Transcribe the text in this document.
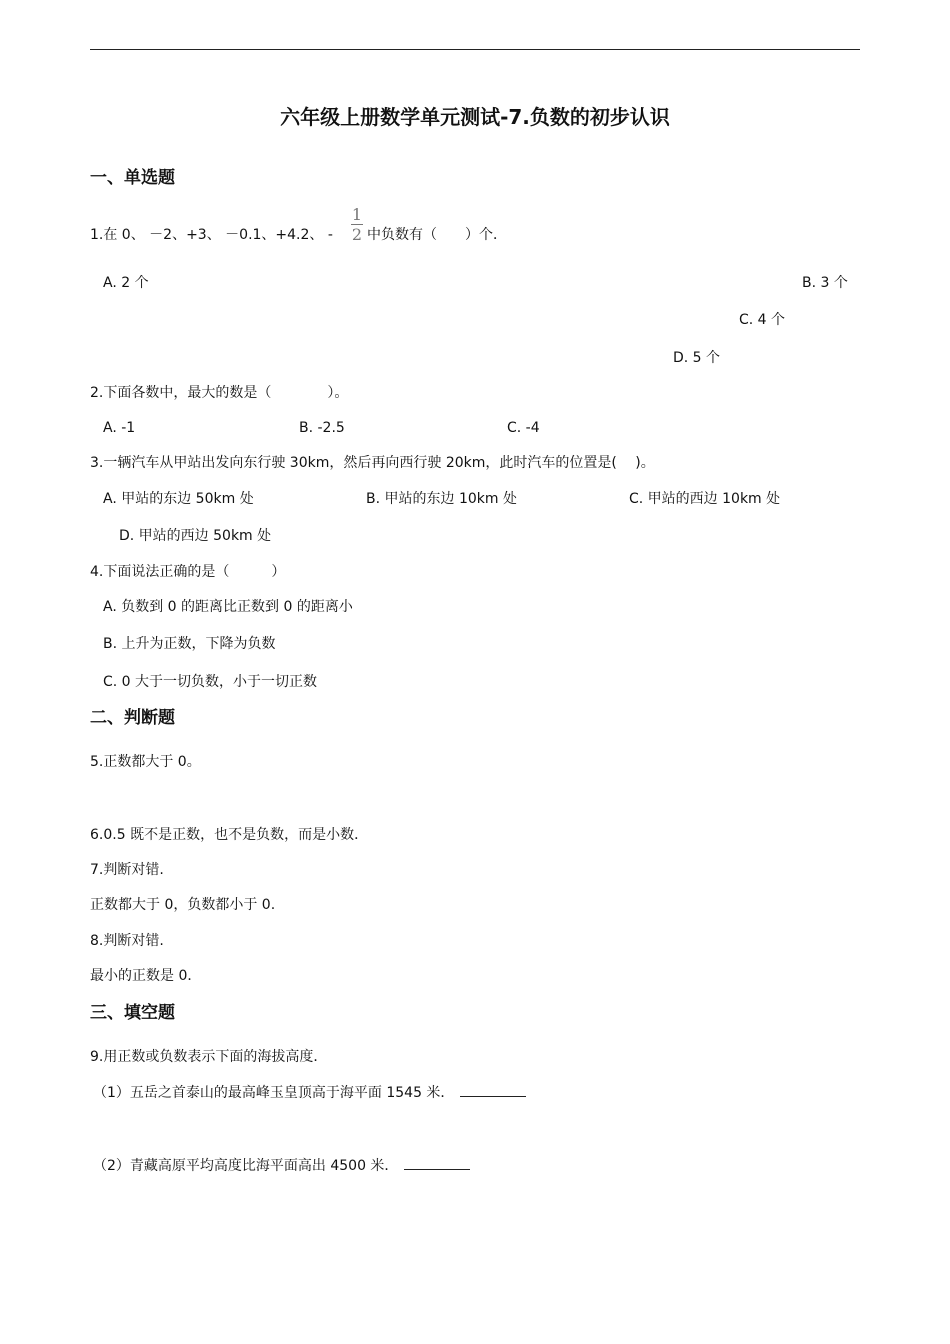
六年级上册数学单元测试-7.负数的初步认识
一、单选题
1.在 0、 －2、+3、 －0.1、+4.2、 -
1
2 中负数有（　　）个．
A. 2 个	B. 3 个
C. 4 个
D. 5 个
2.下面各数中，最大的数是（　　　　）。
A. -1	B. -2.5	C. -4
3.一辆汽车从甲站出发向东行驶 30km，然后再向西行驶 20km，此时汽车的位置是(　 )。
A. 甲站的东边 50km 处	B. 甲站的东边 10km 处	C. 甲站的西边 10km 处
D. 甲站的西边 50km 处
4.下面说法正确的是（　　　）
A. 负数到 0 的距离比正数到 0 的距离小
B. 上升为正数，下降为负数
C. 0 大于一切负数，小于一切正数
二、判断题
5.正数都大于 0。
6.0.5 既不是正数，也不是负数，而是小数．
7.判断对错.
正数都大于 0，负数都小于 0.
8.判断对错.
最小的正数是 0．
三、填空题
9.用正数或负数表示下面的海拔高度．
（1）五岳之首泰山的最高峰玉皇顶高于海平面 1545 米．
（2）青藏高原平均高度比海平面高出 4500 米．
